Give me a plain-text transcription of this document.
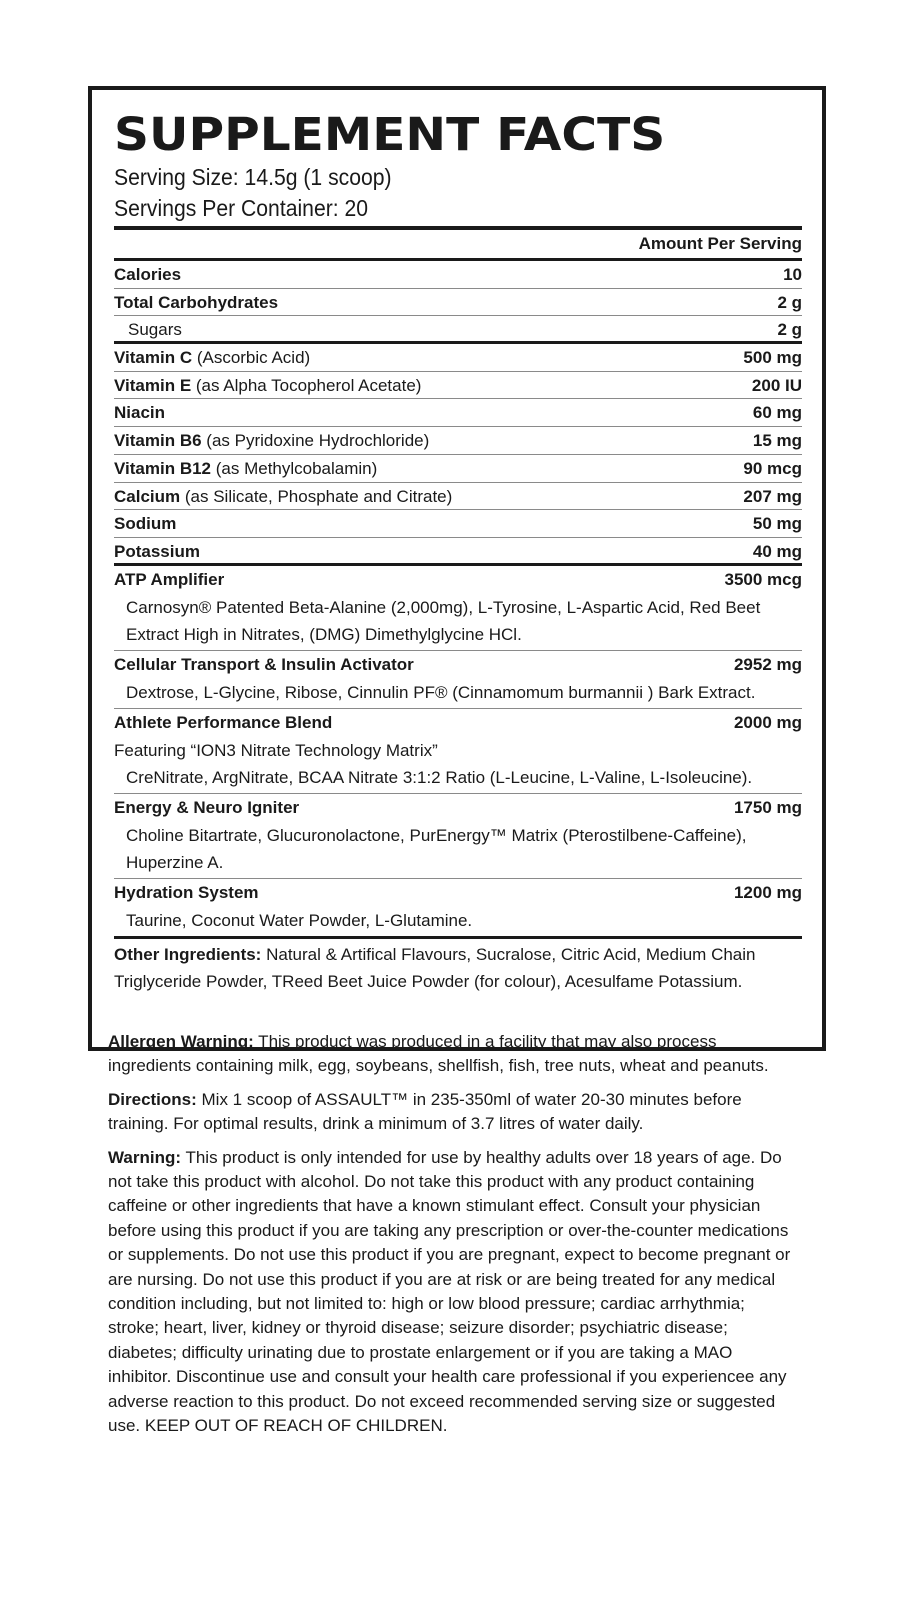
SUPPLEMENT FACTS
Serving Size: 14.5g (1 scoop)
Servings Per Container: 20
Amount Per Serving
Calories	10
Total Carbohydrates	2 g
Sugars	2 g
Vitamin C (Ascorbic Acid)	500 mg
Vitamin E (as Alpha Tocopherol Acetate)	200 IU
Niacin	60 mg
Vitamin B6 (as Pyridoxine Hydrochloride)	15 mg
Vitamin B12 (as Methylcobalamin)	90 mcg
Calcium (as Silicate, Phosphate and Citrate)	207 mg
Sodium	50 mg
Potassium	40 mg
ATP Amplifier	3500 mcg
Carnosyn® Patented Beta-Alanine (2,000mg), L-Tyrosine, L-Aspartic Acid, Red Beet Extract High in Nitrates, (DMG) Dimethylglycine HCl.
Cellular Transport & Insulin Activator	2952 mg
Dextrose, L-Glycine, Ribose, Cinnulin PF® (Cinnamomum burmannii ) Bark Extract.
Athlete Performance Blend	2000 mg
Featuring “ION3 Nitrate Technology Matrix”
CreNitrate, ArgNitrate, BCAA Nitrate 3:1:2 Ratio (L-Leucine, L-Valine, L-Isoleucine).
Energy & Neuro Igniter	1750 mg
Choline Bitartrate, Glucuronolactone, PurEnergy™ Matrix (Pterostilbene-Caffeine), Huperzine A.
Hydration System	1200 mg
Taurine, Coconut Water Powder, L-Glutamine.
Other Ingredients: Natural & Artifical Flavours, Sucralose, Citric Acid, Medium Chain Triglyceride Powder, TReed Beet Juice Powder (for colour), Acesulfame Potassium.

Allergen Warning: This product was produced in a facility that may also process ingredients containing milk, egg, soybeans, shellfish, fish, tree nuts, wheat and peanuts.

Directions: Mix 1 scoop of ASSAULT™ in 235-350ml of water 20-30 minutes before training. For optimal results, drink a minimum of 3.7 litres of water daily.

Warning: This product is only intended for use by healthy adults over 18 years of age. Do not take this product with alcohol. Do not take this product with any product containing caffeine or other ingredients that have a known stimulant effect. Consult your physician before using this product if you are taking any prescription or over-the-counter medications or supplements. Do not use this product if you are pregnant, expect to become pregnant or are nursing. Do not use this product if you are at risk or are being treated for any medical condition including, but not limited to: high or low blood pressure; cardiac arrhythmia; stroke; heart, liver, kidney or thyroid disease; seizure disorder; psychiatric disease; diabetes; difficulty urinating due to prostate enlargement or if you are taking a MAO inhibitor. Discontinue use and consult your health care professional if you experiencee any adverse reaction to this product. Do not exceed recommended serving size or suggested use. KEEP OUT OF REACH OF CHILDREN.
